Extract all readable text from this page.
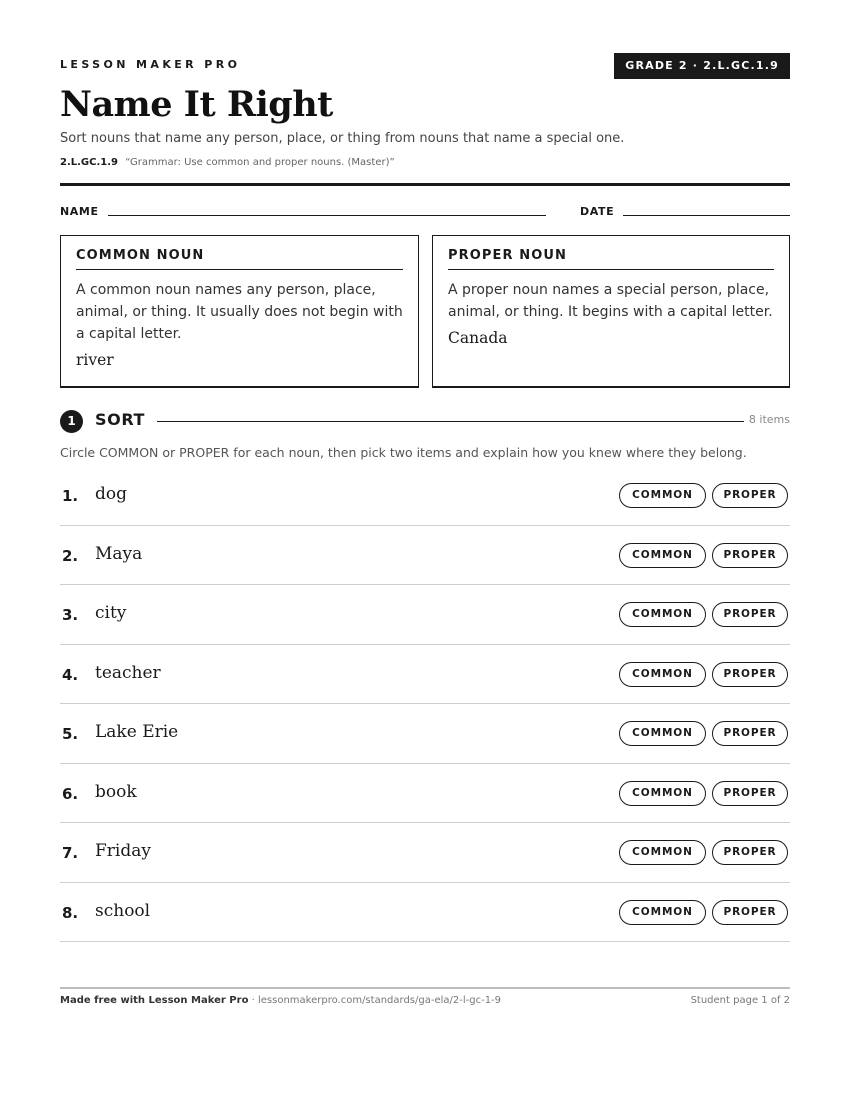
LESSON MAKER PRO	GRADE 2 · 2.L.GC.1.9
Name It Right
Sort nouns that name any person, place, or thing from nouns that name a special one.
2.L.GC.1.9 “Grammar: Use common and proper nouns. (Master)”
NAME	DATE
COMMON NOUN
A common noun names any person, place, animal, or thing. It usually does not begin with a capital letter.
river
PROPER NOUN
A proper noun names a special person, place, animal, or thing. It begins with a capital letter.
Canada
1	SORT	8 items
Circle COMMON or PROPER for each noun, then pick two items and explain how you knew where they belong.
1. dog	COMMON	PROPER
2. Maya	COMMON	PROPER
3. city	COMMON	PROPER
4. teacher	COMMON	PROPER
5. Lake Erie	COMMON	PROPER
6. book	COMMON	PROPER
7. Friday	COMMON	PROPER
8. school	COMMON	PROPER
Made free with Lesson Maker Pro · lessonmakerpro.com/standards/ga-ela/2-l-gc-1-9	Student page 1 of 2
